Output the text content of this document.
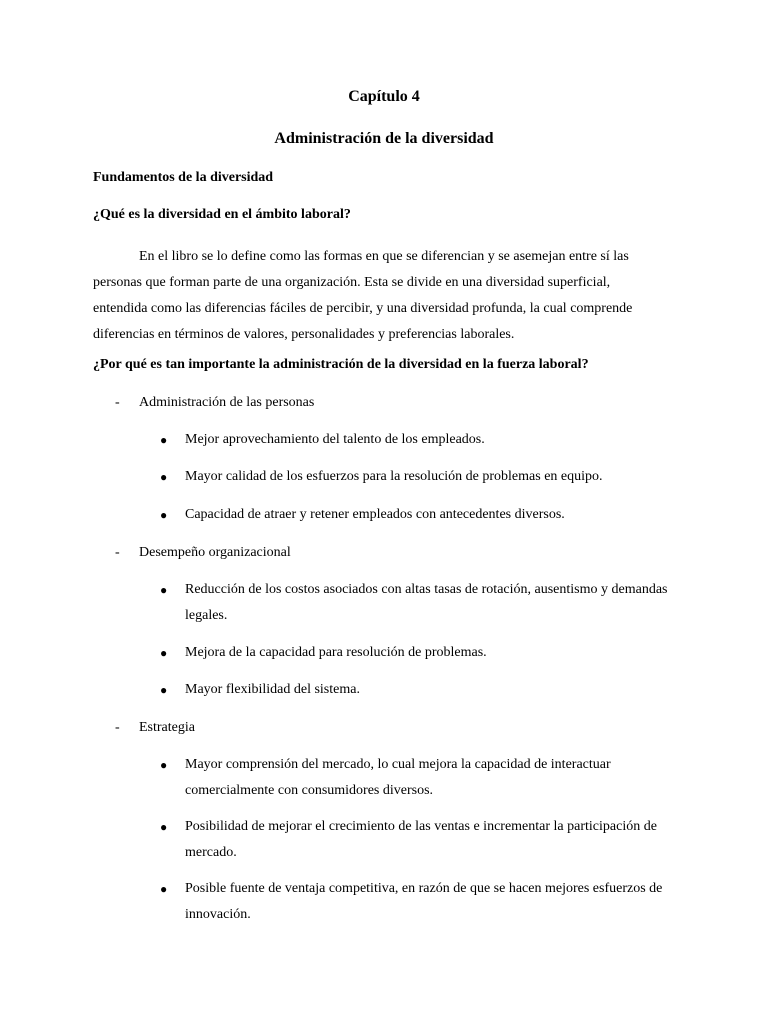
Capítulo 4
Administración de la diversidad

Fundamentos de la diversidad

¿Qué es la diversidad en el ámbito laboral?

En el libro se lo define como las formas en que se diferencian y se asemejan entre sí las personas que forman parte de una organización. Esta se divide en una diversidad superficial, entendida como las diferencias fáciles de percibir, y una diversidad profunda, la cual comprende diferencias en términos de valores, personalidades y preferencias laborales.

¿Por qué es tan importante la administración de la diversidad en la fuerza laboral?

-	Administración de las personas
●	Mejor aprovechamiento del talento de los empleados.
●	Mayor calidad de los esfuerzos para la resolución de problemas en equipo.
●	Capacidad de atraer y retener empleados con antecedentes diversos.
-	Desempeño organizacional
●	Reducción de los costos asociados con altas tasas de rotación, ausentismo y demandas legales.
●	Mejora de la capacidad para resolución de problemas.
●	Mayor flexibilidad del sistema.
-	Estrategia
●	Mayor comprensión del mercado, lo cual mejora la capacidad de interactuar comercialmente con consumidores diversos.
●	Posibilidad de mejorar el crecimiento de las ventas e incrementar la participación de mercado.
●	Posible fuente de ventaja competitiva, en razón de que se hacen mejores esfuerzos de innovación.
